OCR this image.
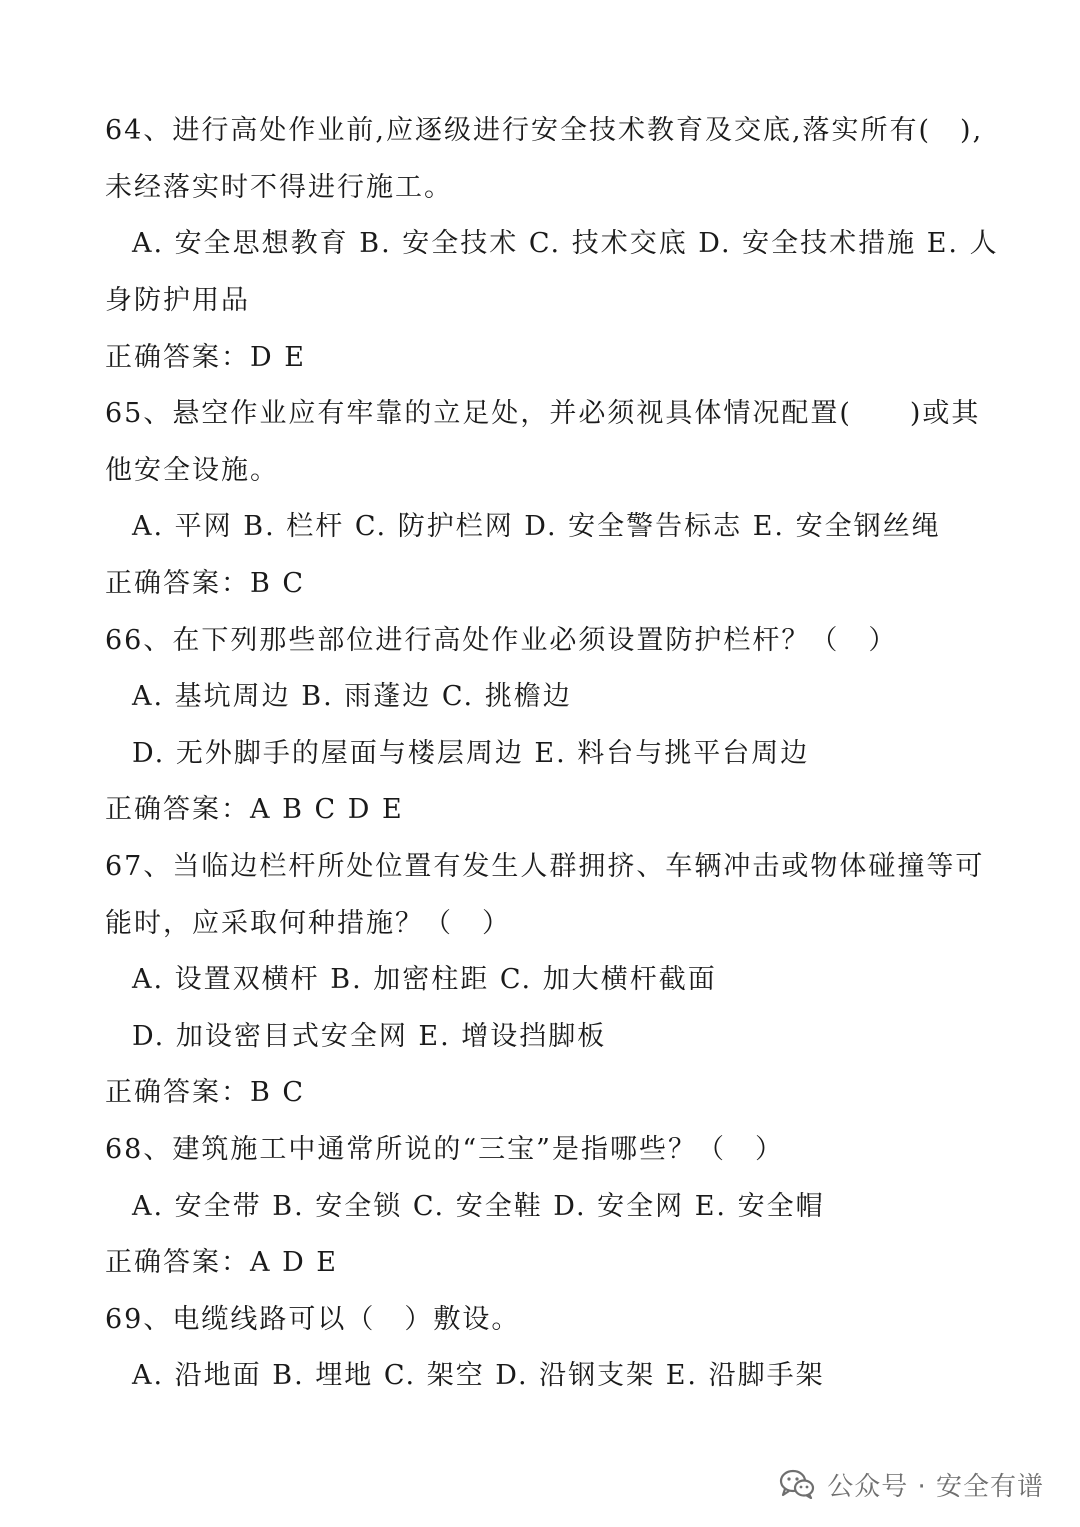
64、进行高处作业前,应逐级进行安全技术教育及交底,落实所有(　),
未经落实时不得进行施工。
A. 安全思想教育 B. 安全技术 C. 技术交底 D. 安全技术措施 E. 人
身防护用品
正确答案：D E
65、悬空作业应有牢靠的立足处，并必须视具体情况配置(　　)或其
他安全设施。
A. 平网 B. 栏杆 C. 防护栏网 D. 安全警告标志 E. 安全钢丝绳
正确答案：B C
66、在下列那些部位进行高处作业必须设置防护栏杆？（　）
A. 基坑周边 B. 雨蓬边 C. 挑檐边
D. 无外脚手的屋面与楼层周边 E. 料台与挑平台周边
正确答案：A B C D E
67、当临边栏杆所处位置有发生人群拥挤、车辆冲击或物体碰撞等可
能时，应采取何种措施？（　）
A. 设置双横杆 B. 加密柱距 C. 加大横杆截面
D. 加设密目式安全网 E. 增设挡脚板
正确答案：B C
68、建筑施工中通常所说的“三宝”是指哪些？（　）
A. 安全带 B. 安全锁 C. 安全鞋 D. 安全网 E. 安全帽
正确答案：A D E
69、电缆线路可以（　）敷设。
A. 沿地面 B. 埋地 C. 架空 D. 沿钢支架 E. 沿脚手架
公众号 · 安全有谱
